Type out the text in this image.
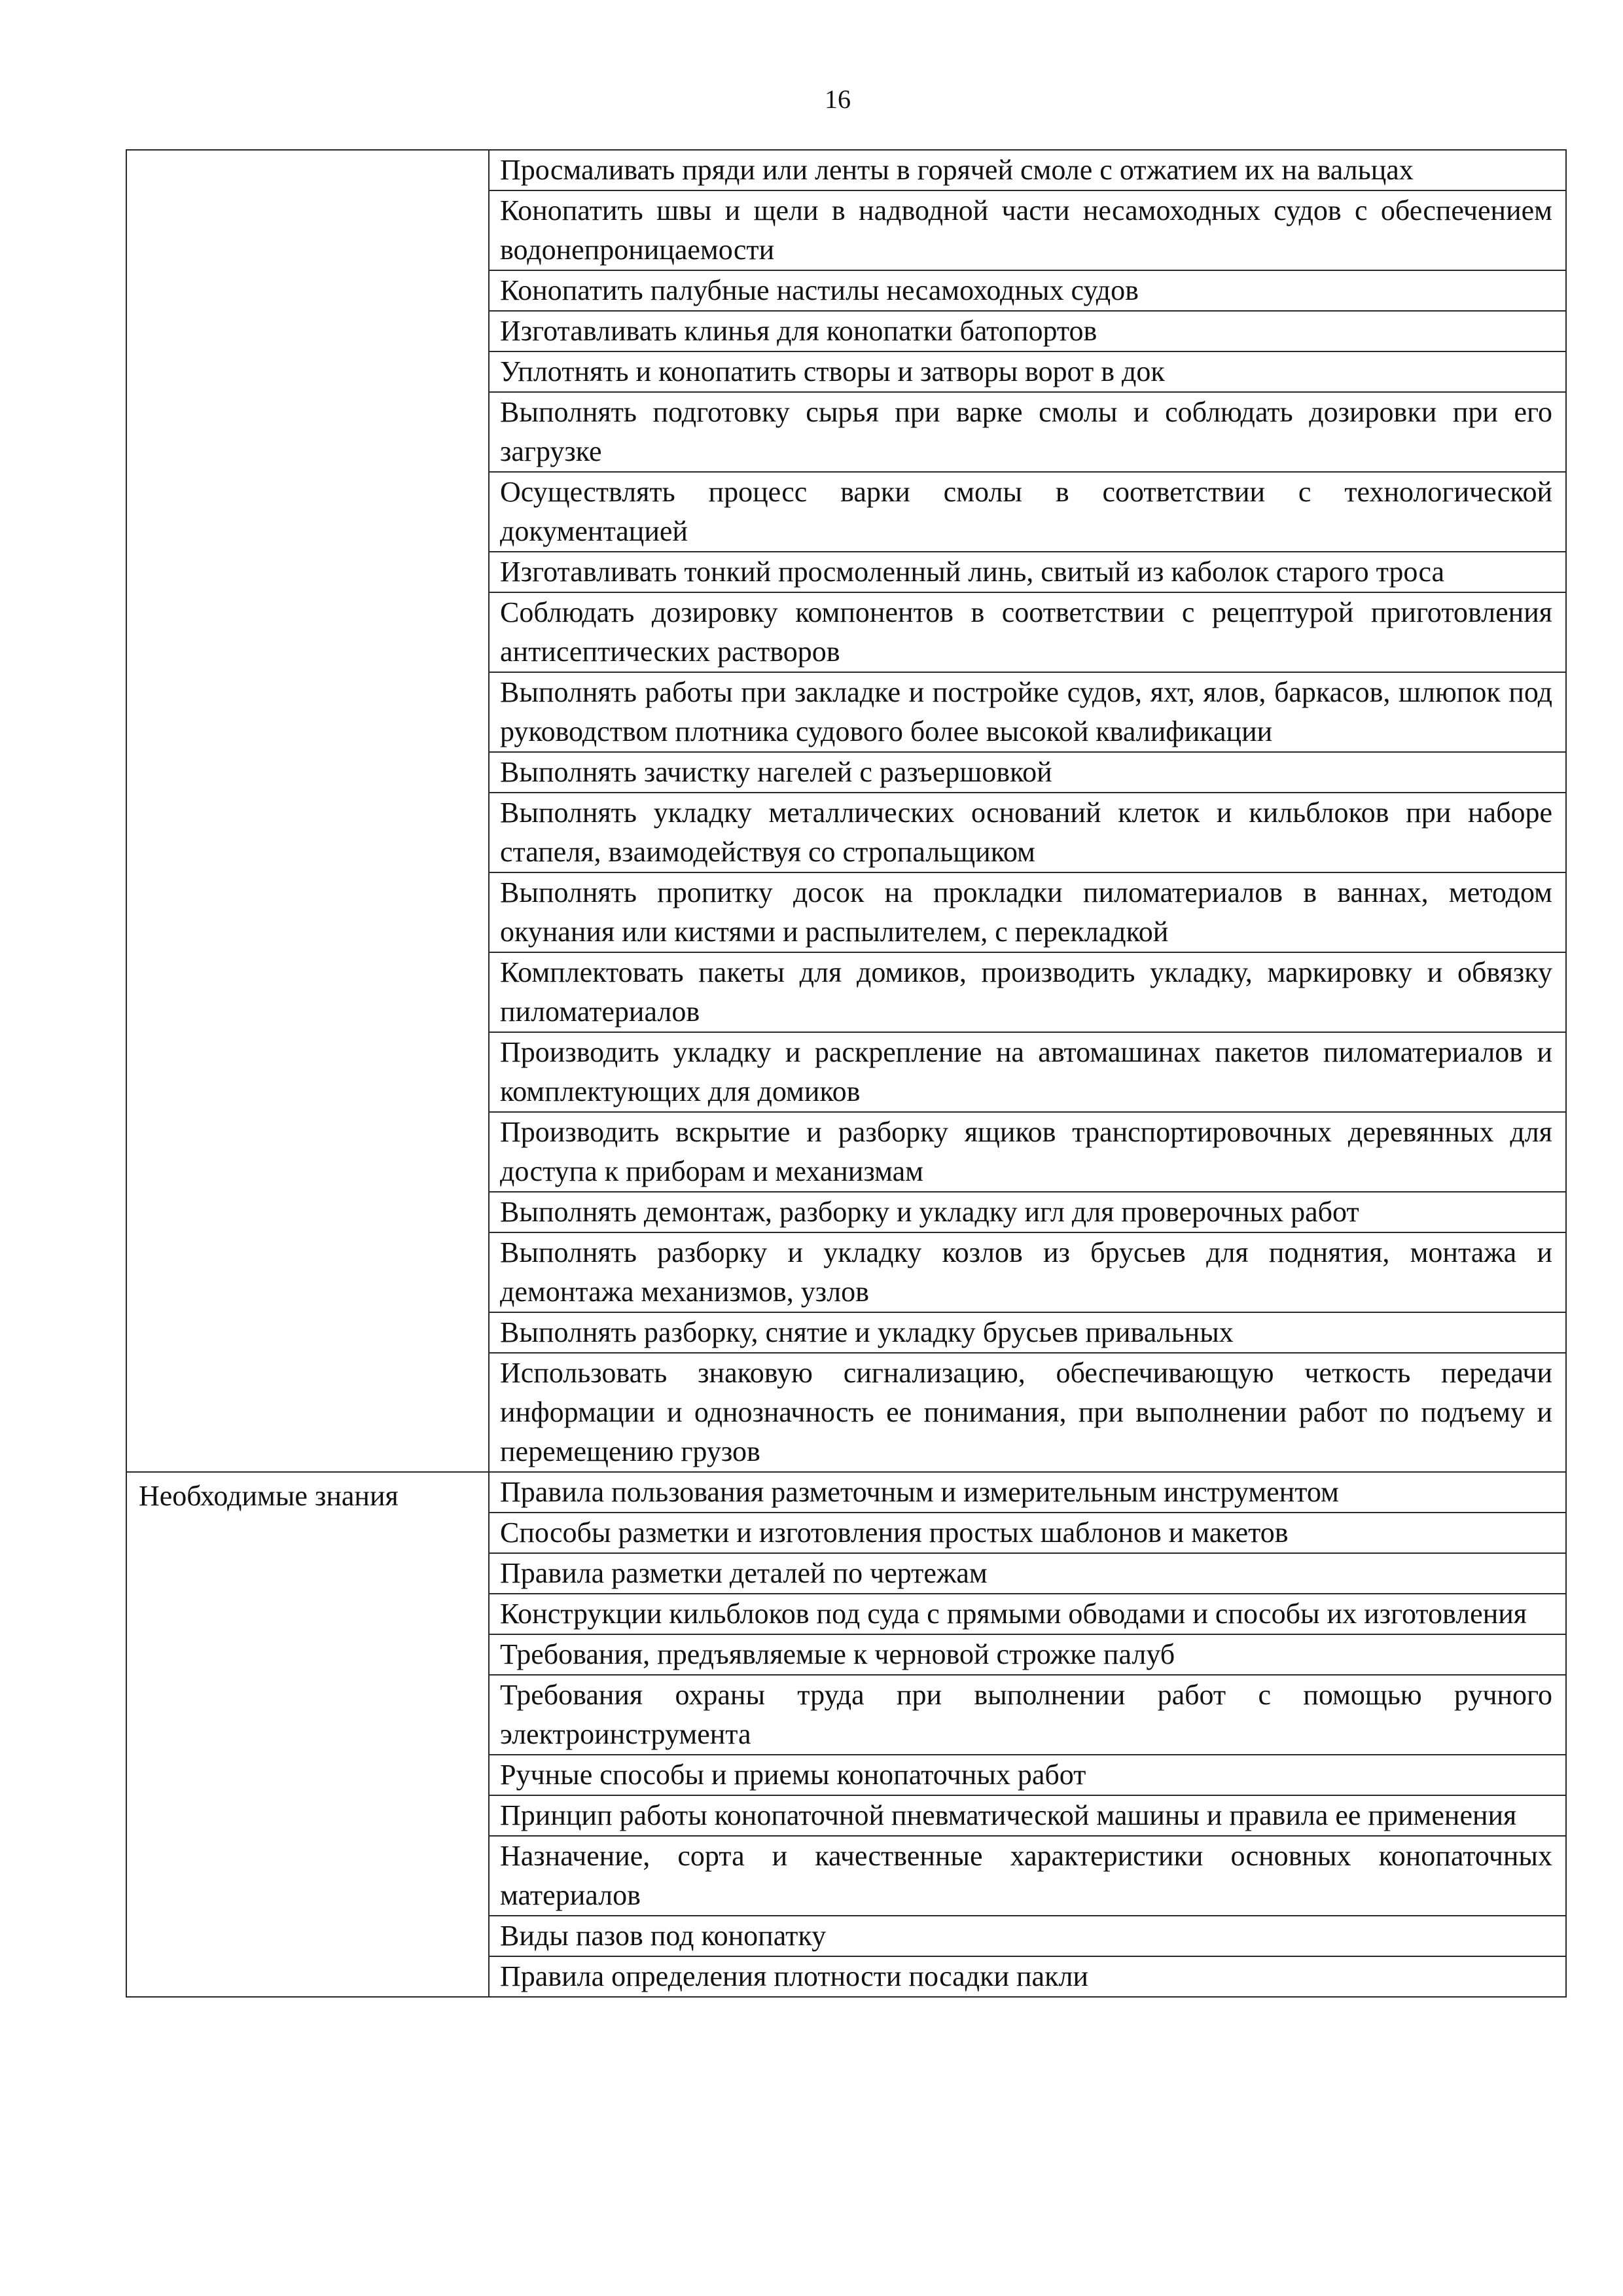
16
	Просмаливать пряди или ленты в горячей смоле с отжатием их на вальцах
	Конопатить швы и щели в надводной части несамоходных судов с обеспечением водонепроницаемости
	Конопатить палубные настилы несамоходных судов
	Изготавливать клинья для конопатки батопортов
	Уплотнять и конопатить створы и затворы ворот в док
	Выполнять подготовку сырья при варке смолы и соблюдать дозировки при его загрузке
	Осуществлять процесс варки смолы в соответствии с технологической документацией
	Изготавливать тонкий просмоленный линь, свитый из каболок старого троса
	Соблюдать дозировку компонентов в соответствии с рецептурой приготовления антисептических растворов
	Выполнять работы при закладке и постройке судов, яхт, ялов, баркасов, шлюпок под руководством плотника судового более высокой квалификации
	Выполнять зачистку нагелей с разъершовкой
	Выполнять укладку металлических оснований клеток и кильблоков при наборе стапеля, взаимодействуя со стропальщиком
	Выполнять пропитку досок на прокладки пиломатериалов в ваннах, методом окунания или кистями и распылителем, с перекладкой
	Комплектовать пакеты для домиков, производить укладку, маркировку и обвязку пиломатериалов
	Производить укладку и раскрепление на автомашинах пакетов пиломатериалов и комплектующих для домиков
	Производить вскрытие и разборку ящиков транспортировочных деревянных для доступа к приборам и механизмам
	Выполнять демонтаж, разборку и укладку игл для проверочных работ
	Выполнять разборку и укладку козлов из брусьев для поднятия, монтажа и демонтажа механизмов, узлов
	Выполнять разборку, снятие и укладку брусьев привальных
	Использовать знаковую сигнализацию, обеспечивающую четкость передачи информации и однозначность ее понимания, при выполнении работ по подъему и перемещению грузов

Необходимые знания	Правила пользования разметочным и измерительным инструментом
	Способы разметки и изготовления простых шаблонов и макетов
	Правила разметки деталей по чертежам
	Конструкции кильблоков под суда с прямыми обводами и способы их изготовления
	Требования, предъявляемые к черновой строжке палуб
	Требования охраны труда при выполнении работ с помощью ручного электроинструмента
	Ручные способы и приемы конопаточных работ
	Принцип работы конопаточной пневматической машины и правила ее применения
	Назначение, сорта и качественные характеристики основных конопаточных материалов
	Виды пазов под конопатку
	Правила определения плотности посадки пакли
